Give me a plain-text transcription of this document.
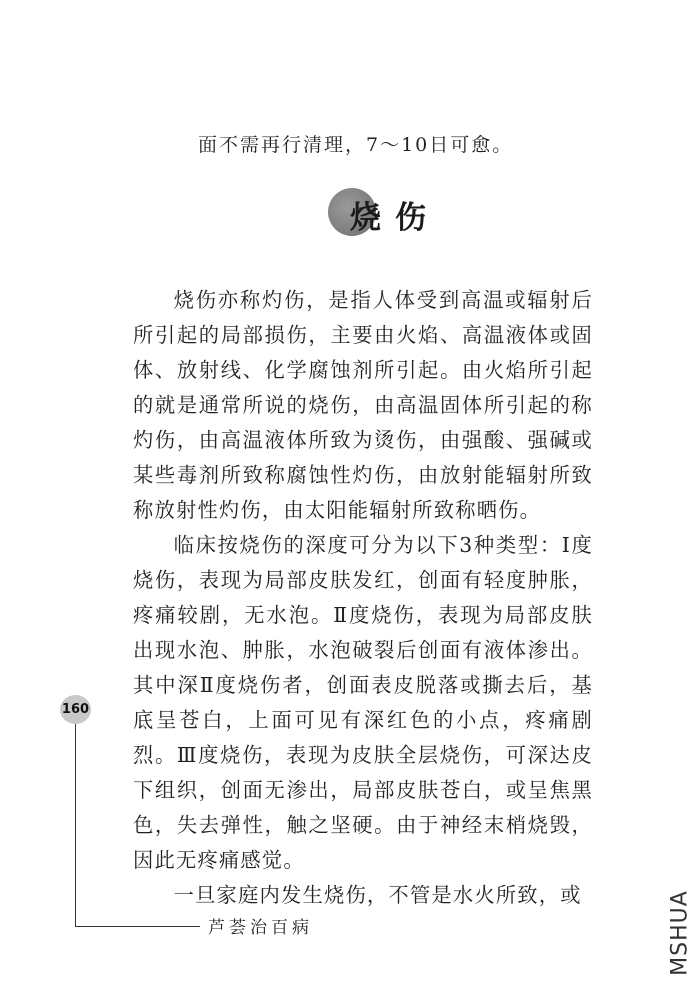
面不需再行清理，7～10日可愈。
烧伤

烧伤亦称灼伤，是指人体受到高温或辐射后所引起的局部损伤，主要由火焰、高温液体或固体、放射线、化学腐蚀剂所引起。由火焰所引起的就是通常所说的烧伤，由高温固体所引起的称灼伤，由高温液体所致为烫伤，由强酸、强碱或某些毒剂所致称腐蚀性灼伤，由放射能辐射所致称放射性灼伤，由太阳能辐射所致称晒伤。

临床按烧伤的深度可分为以下3种类型：Ⅰ度烧伤，表现为局部皮肤发红，创面有轻度肿胀，疼痛较剧，无水泡。Ⅱ度烧伤，表现为局部皮肤出现水泡、肿胀，水泡破裂后创面有液体渗出。其中深Ⅱ度烧伤者，创面表皮脱落或撕去后，基底呈苍白，上面可见有深红色的小点，疼痛剧烈。Ⅲ度烧伤，表现为皮肤全层烧伤，可深达皮下组织，创面无渗出，局部皮肤苍白，或呈焦黑色，失去弹性，触之坚硬。由于神经末梢烧毁，因此无疼痛感觉。

一旦家庭内发生烧伤，不管是水火所致，或

160
芦荟治百病	MSHUA
